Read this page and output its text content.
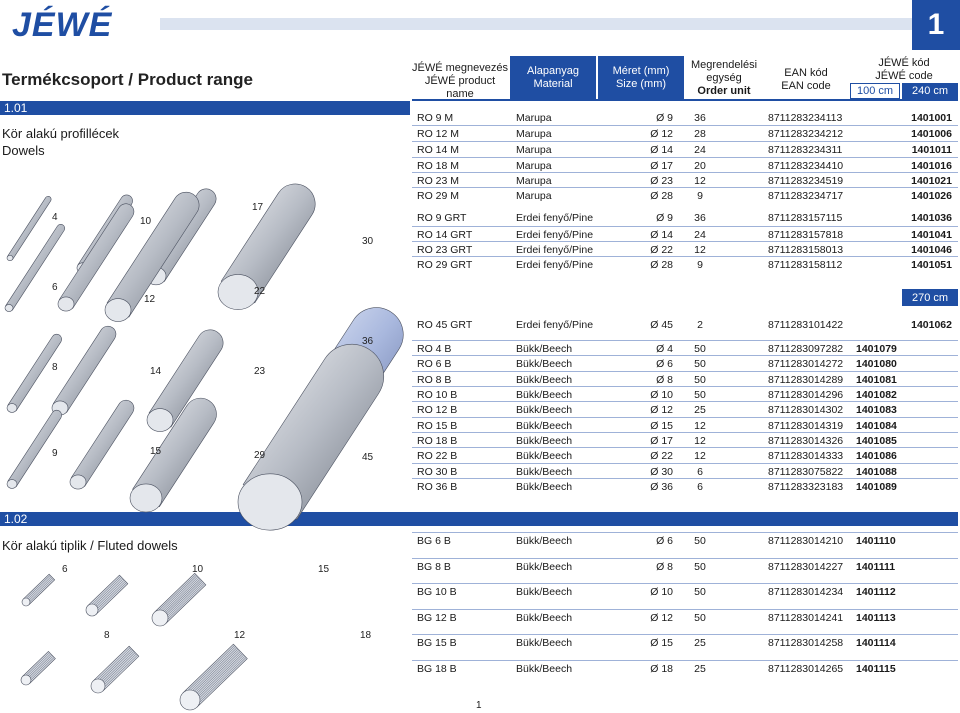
JÉWÉ	1
Termékcsoport / Product range
JÉWÉ megnevezés
JÉWÉ product name
Alapanyag
Material
Méret (mm)
Size (mm)
Megrendelési
egység
Order unit
EAN kód
EAN code
JÉWÉ kód
JÉWÉ code
100 cm	240 cm
1.01
Kör alakú profillécek
Dowels
1.02
Kör alakú tiplik / Fluted dowels
270 cm
4	10
17
30
6
12
22
8	14	23
36
9	15	29	45
6	10	15
8	12	18
RO 9 M	Marupa	Ø 9	36	8711283234113	1401001
RO 12 M	Marupa	Ø 12	28	8711283234212	1401006
RO 14 M	Marupa	Ø 14	24	8711283234311	1401011
RO 18 M	Marupa	Ø 17	20	8711283234410	1401016
RO 23 M	Marupa	Ø 23	12	8711283234519	1401021
RO 29 M	Marupa	Ø 28	9	8711283234717	1401026
RO 9 GRT	Erdei fenyő/Pine	Ø 9	36	8711283157115	1401036
RO 14 GRT	Erdei fenyő/Pine	Ø 14	24	8711283157818	1401041
RO 23 GRT	Erdei fenyő/Pine	Ø 22	12	8711283158013	1401046
RO 29 GRT	Erdei fenyő/Pine	Ø 28	9	8711283158112	1401051
RO 45 GRT	Erdei fenyő/Pine	Ø 45	2	8711283101422	1401062
RO 4 B	Bükk/Beech	Ø 4	50	8711283097282 1401079
RO 6 B	Bükk/Beech	Ø 6	50	8711283014272 1401080
RO 8 B	Bükk/Beech	Ø 8	50	8711283014289 1401081
RO 10 B	Bükk/Beech	Ø 10	50	8711283014296 1401082
RO 12 B	Bükk/Beech	Ø 12	25	8711283014302 1401083
RO 15 B	Bükk/Beech	Ø 15	12	8711283014319 1401084
RO 18 B	Bükk/Beech	Ø 17	12	8711283014326 1401085
RO 22 B	Bükk/Beech	Ø 22	12	8711283014333 1401086
RO 30 B	Bükk/Beech	Ø 30	6	8711283075822 1401088
RO 36 B	Bükk/Beech	Ø 36	6	8711283323183 1401089
BG 6 B	Bükk/Beech	Ø 6	50	8711283014210 1401110
BG 8 B	Bükk/Beech	Ø 8	50	8711283014227 1401111
BG 10 B	Bükk/Beech	Ø 10	50	8711283014234 1401112
BG 12 B	Bükk/Beech	Ø 12	50	8711283014241 1401113
BG 15 B	Bükk/Beech	Ø 15	25	8711283014258 1401114
BG 18 B	Bükk/Beech	Ø 18	25	8711283014265 1401115
1
